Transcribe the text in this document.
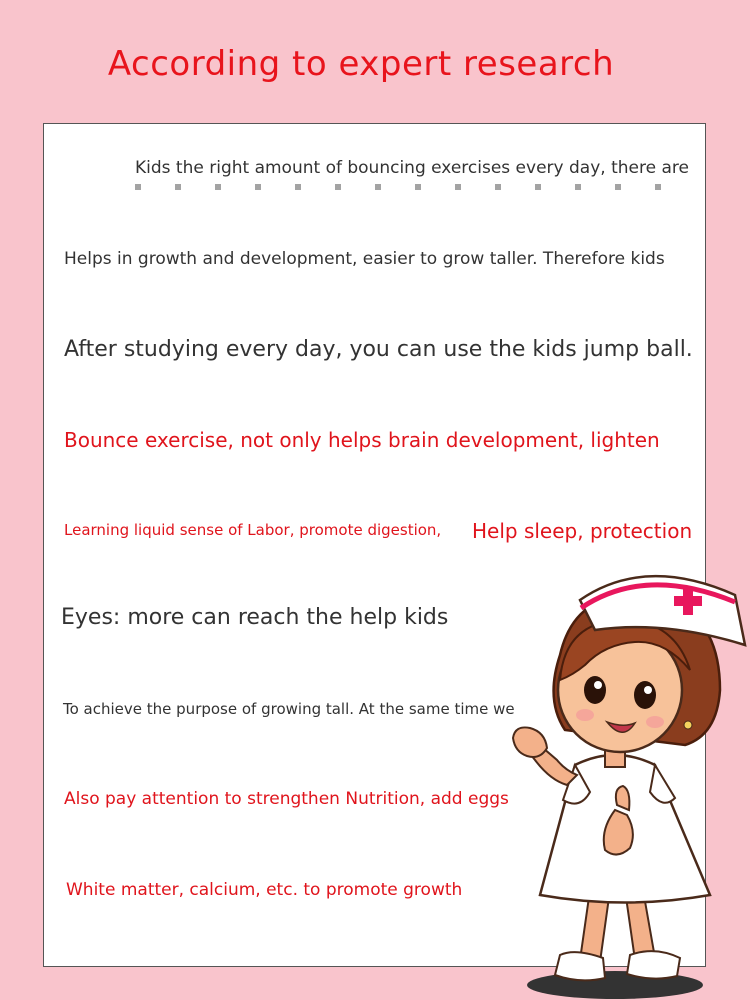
According to expert research
Kids the right amount of bouncing exercises every day, there are
Helps in growth and development, easier to grow taller. Therefore kids
After studying every day, you can use the kids jump ball.
Bounce exercise, not only helps brain development, lighten
Learning liquid sense of Labor, promote digestion, Help sleep, protection
Eyes: more can reach the help kids
To achieve the purpose of growing tall. At the same time we
Also pay attention to strengthen Nutrition, add eggs
White matter, calcium, etc. to promote growth
